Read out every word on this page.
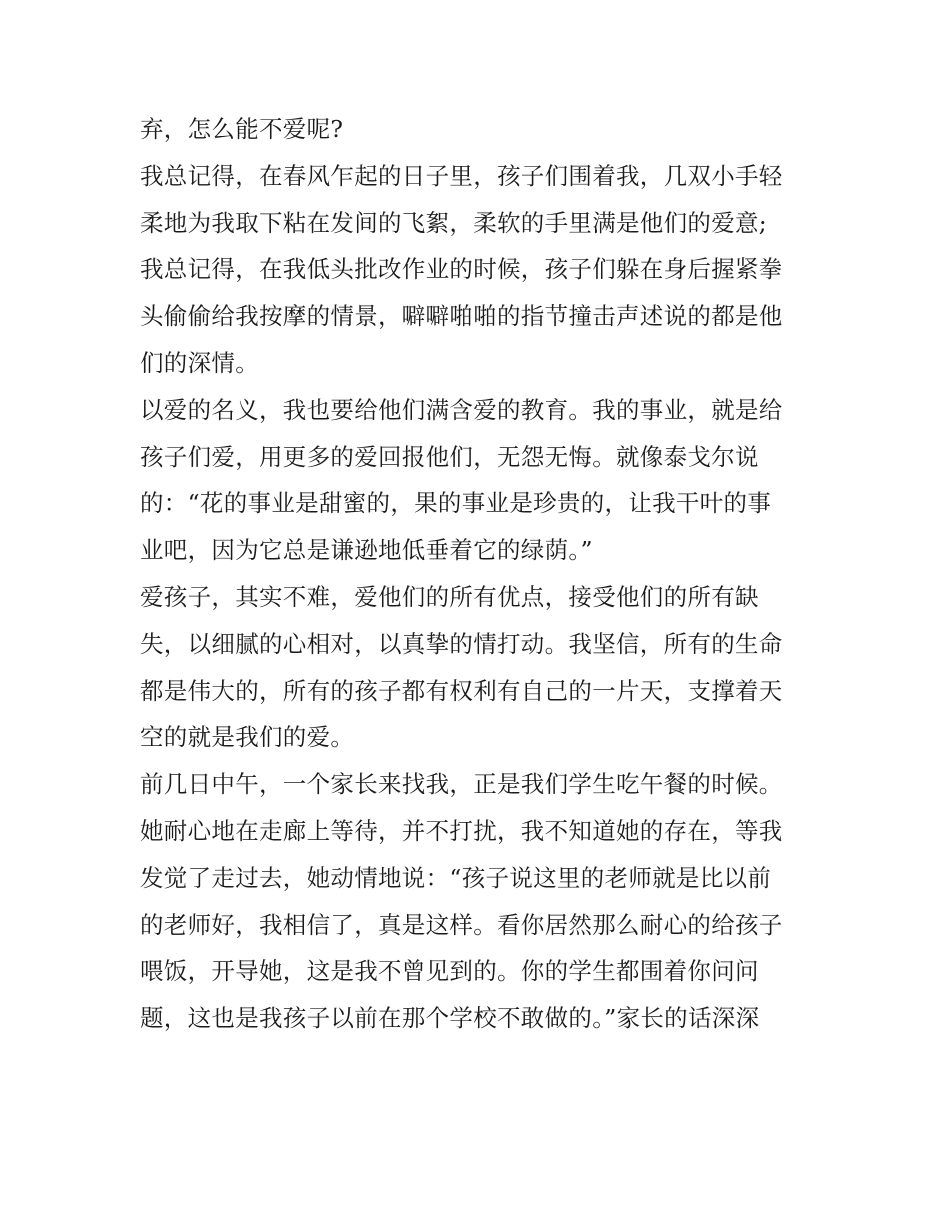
弃，怎么能不爱呢?
我总记得，在春风乍起的日子里，孩子们围着我，几双小手轻
柔地为我取下粘在发间的飞絮，柔软的手里满是他们的爱意;
我总记得，在我低头批改作业的时候，孩子们躲在身后握紧拳
头偷偷给我按摩的情景，噼噼啪啪的指节撞击声述说的都是他
们的深情。
以爱的名义，我也要给他们满含爱的教育。我的事业，就是给
孩子们爱，用更多的爱回报他们，无怨无悔。就像泰戈尔说
的：“花的事业是甜蜜的，果的事业是珍贵的，让我干叶的事
业吧，因为它总是谦逊地低垂着它的绿荫。”
爱孩子，其实不难，爱他们的所有优点，接受他们的所有缺
失，以细腻的心相对，以真挚的情打动。我坚信，所有的生命
都是伟大的，所有的孩子都有权利有自己的一片天，支撑着天
空的就是我们的爱。
前几日中午，一个家长来找我，正是我们学生吃午餐的时候。
她耐心地在走廊上等待，并不打扰，我不知道她的存在，等我
发觉了走过去，她动情地说：“孩子说这里的老师就是比以前
的老师好，我相信了，真是这样。看你居然那么耐心的给孩子
喂饭，开导她，这是我不曾见到的。你的学生都围着你问问
题，这也是我孩子以前在那个学校不敢做的。”家长的话深深
